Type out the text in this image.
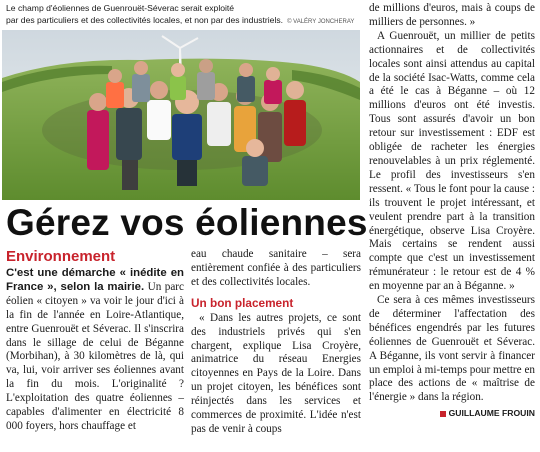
Le champ d'éoliennes de Guenrouët-Séverac serait exploité
par des particuliers et des collectivités locales, et non par des industriels. © VALÉRY JONCHERAY
Gérez vos éoliennes
Environnement

C'est une démarche « inédite en France », selon la mairie. Un parc éolien « citoyen » va voir le jour d'ici à la fin de l'année en Loire-Atlantique, entre Guenrouët et Séverac. Il s'inscrira dans le sillage de celui de Béganne (Morbihan), à 30 kilomètres de là, qui va, lui, voir arriver ses éoliennes avant la fin du mois. L'originalité ? L'exploitation des quatre éoliennes – capables d'alimenter en électricité 8 000 foyers, hors chauffage et

eau chaude sanitaire – sera entièrement confiée à des particuliers et des collectivités locales.

Un bon placement

« Dans les autres projets, ce sont des industriels privés qui s'en chargent, explique Lisa Croyère, animatrice du réseau Energies citoyennes en Pays de la Loire. Dans un projet citoyen, les bénéfices sont réinjectés dans les services et commerces de proximité. L'idée n'est pas de venir à coups

de millions d'euros, mais à coups de milliers de personnes. »

A Guenrouët, un millier de petits actionnaires et de collectivités locales sont ainsi attendus au capital de la société Isac-Watts, comme cela a été le cas à Béganne – où 12 millions d'euros ont été investis. Tous sont assurés d'avoir un bon retour sur investissement : EDF est obligée de racheter les énergies renouvelables à un prix réglementé. Le profil des investisseurs s'en ressent. « Tous le font pour la cause : ils trouvent le projet intéressant, et veulent prendre part à la transition énergétique, observe Lisa Croyère. Mais certains se rendent aussi compte que c'est un investissement rémunérateur : le retour est de 4 % en moyenne par an à Béganne. »

Ce sera à ces mêmes investisseurs de déterminer l'affectation des bénéfices engendrés par les futures éoliennes de Guenrouët et Séverac. A Béganne, ils vont servir à financer un emploi à mi-temps pour mettre en place des actions de « maîtrise de l'énergie » dans la région.

GUILLAUME FROUIN
